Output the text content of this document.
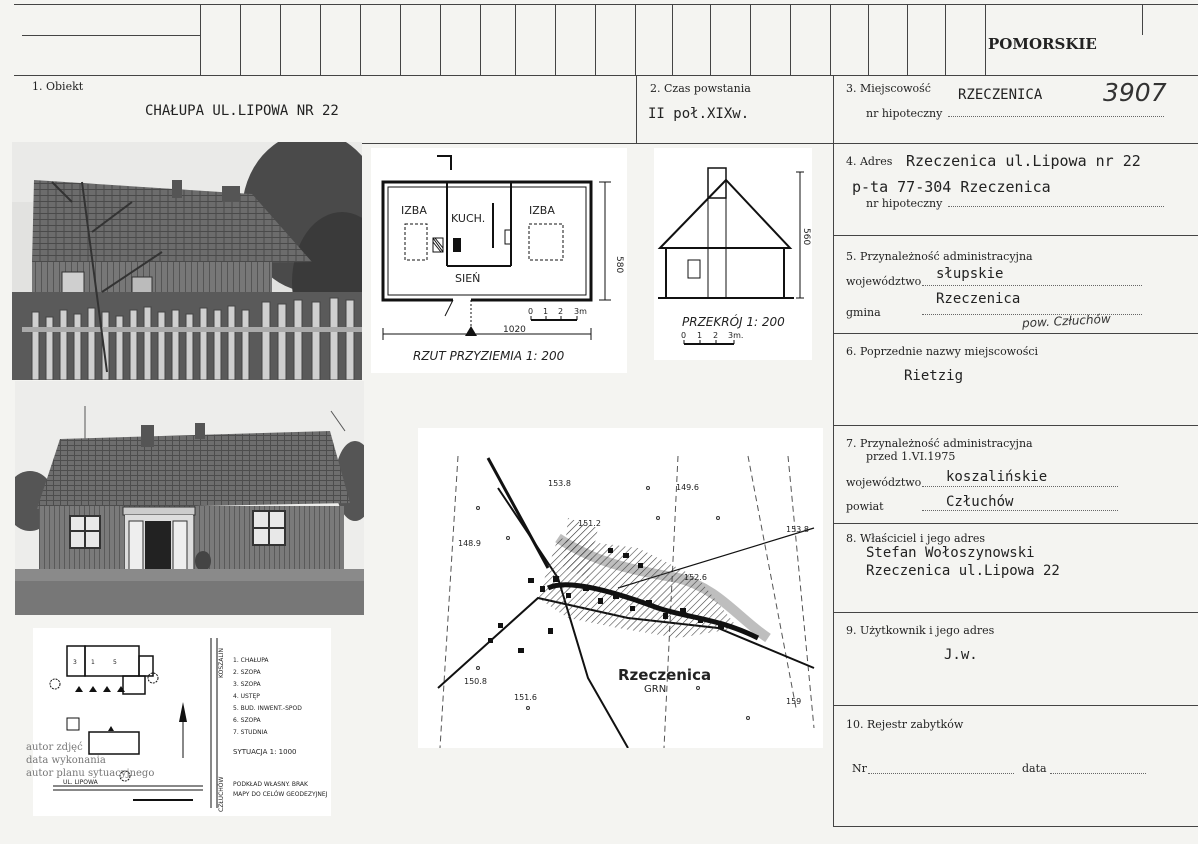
POMORSKIE
1. Obiekt
CHAŁUPA UL.LIPOWA NR 22
2. Czas powstania
II poł.XIXw.
3. Miejscowość RZECZENICA 3907
nr hipoteczny
4. Adres Rzeczenica ul.Lipowa nr 22
p-ta 77-304 Rzeczenica
nr hipoteczny
5. Przynależność administracyjna
województwo słupskie
gmina
Rzeczenica
pow. Człuchów
6. Poprzednie nazwy miejscowości
Rietzig
7. Przynależność administracyjna
przed 1.VI.1975
województwo koszalińskie
powiat	Człuchów
8. Właściciel i jego adres
Stefan Wołoszynowski
Rzeczenica ul.Lipowa 22
9. Użytkownik i jego adres
J.w.
10. Rejestr zabytków
Nr	data
IZBA
KUCH.
IZBA
SIEŃ
1020
580
0 1 2 3m
RZUT PRZYZIEMIA 1: 200
560
PRZEKRÓJ 1: 200
0 1 2 3m.
153.8	149.6
151.2
148.9
153.8
152.6
150.8
151.6	159
Rzeczenica
GRN
1. CHAŁUPA
2. SZOPA
3. SZOPA
4. USTĘP
5. BUD. INWENT.-SPOD
6. SZOPA
7. STUDNIA
SYTUACJA 1: 1000
PODKŁAD WŁASNY. BRAK
MAPY DO CELÓW GEODEZYJNEJ
UL. LIPOWA
KOSZALIN
CZŁUCHÓW
1	5
3
autor zdjęć
data wykonania
autor planu sytuacyjnego
